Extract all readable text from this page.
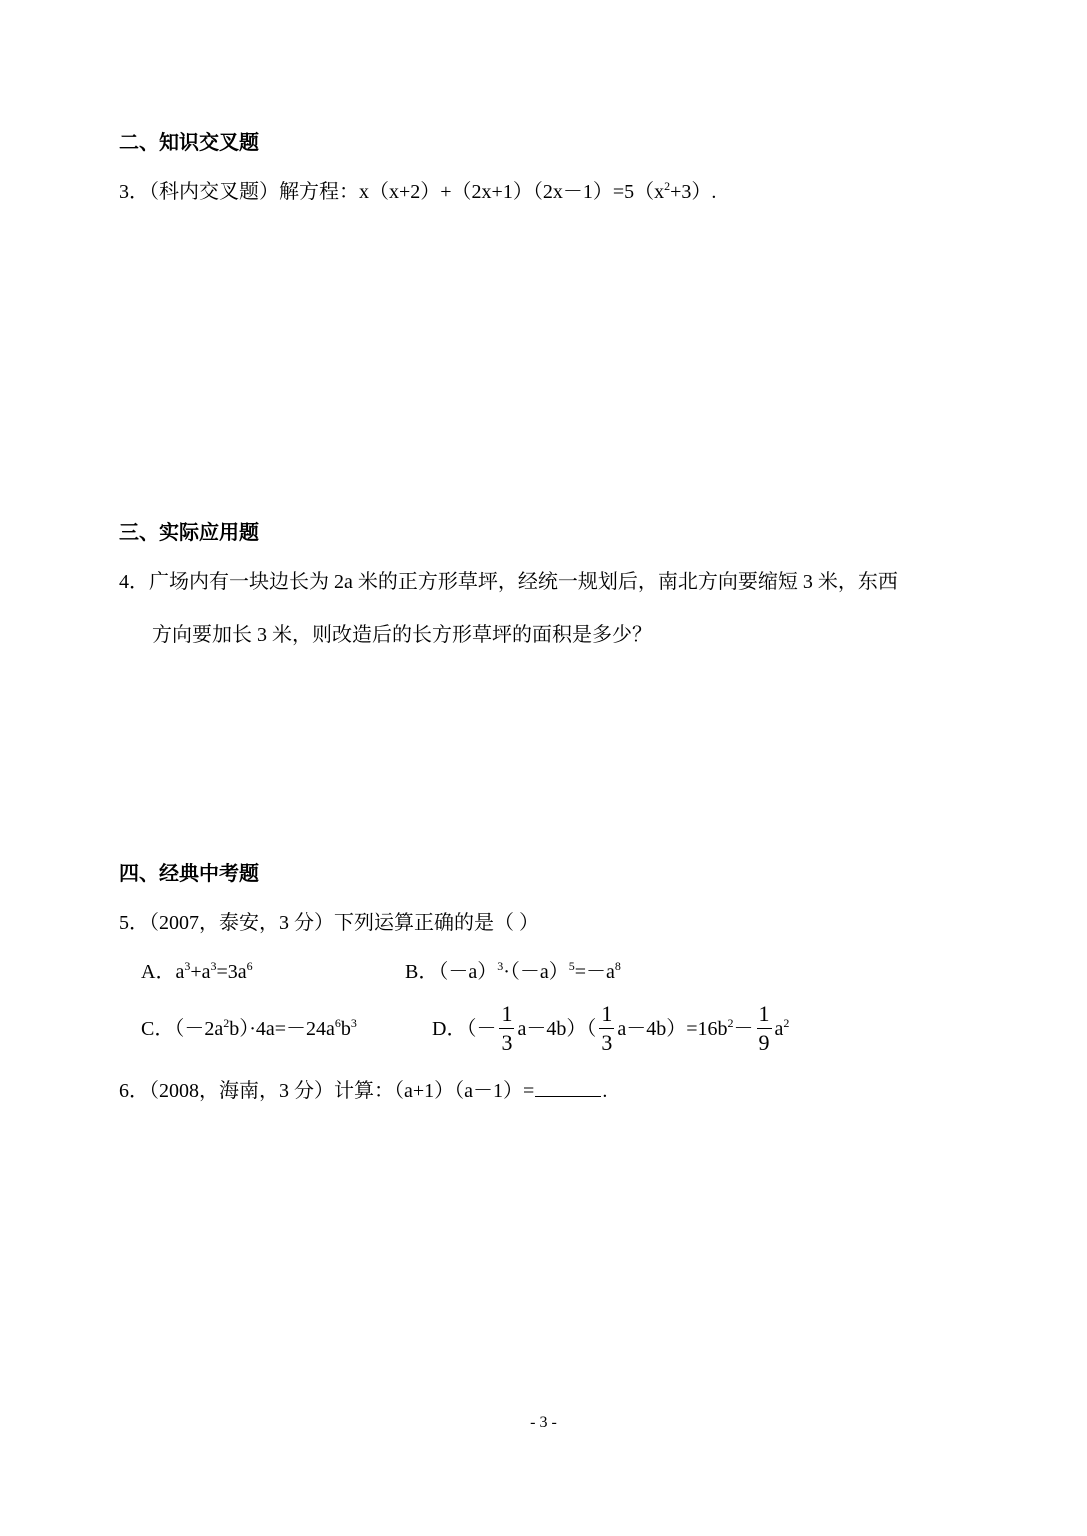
二、知识交叉题
3．（科内交叉题）解方程：$x(x+2)+(2x+1)(2x-1)=5(x^2+3)$.
三、实际应用题
4．广场内有一块边长为 2a 米的正方形草坪，经统一规划后，南北方向要缩短 3 米，东西
方向要加长 3 米，则改造后的长方形草坪的面积是多少？
四、经典中考题
5．（2007，泰安，3 分）下列运算正确的是（ ）
A．$a^3+a^3=3a^6$	B．$(-a)^3\cdot(-a)^5=-a^8$
C．$(-2a^2b)\cdot 4a=-24a^6b^3$	D．（－ $\frac{1}{3} a-4b)( \frac{1}{3} a-4b)=16b^2- \frac{1}{9} a^2$
6．（2008，海南，3 分）计算：（a+1）（a－1）=	.
- 3 -
